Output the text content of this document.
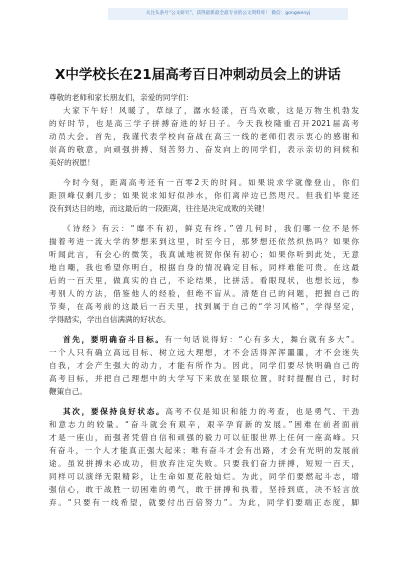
关注头条号“公文研究”，获得最新最全最专业的公文资料库！ 微信：gongwenyj
X中学校长在21届高考百日冲刺动员会上的讲话
尊敬的老师和家长朋友们，亲爱的同学们：
大家下午好！风暖了，草绿了，潺水轻漾，百鸟欢歌，这是万物生机勃发
的好时节，也是高三学子拼搏奋进的好日子。今天我校隆重召开2021届高考
动员大会。首先，我谨代表学校向奋战在高三一线的老师们表示衷心的感谢和
崇高的敬意，向顽强拼搏、刻苦努力、奋发向上的同学们，表示亲切的问候和
美好的祝愿！
今时今刻，距离高考还有一百零2天的时间。如果说求学就像登山，你们
距顶峰仅剩几步；如果说求知好似渉水，你们离岸边已然咫尺。但我们毕竟还
没有到达目的地，而这最后的一段距离，往往是决定成败的关键！
《诗经》有云：“靡不有初，鲜克有终。”曾几何时，我们哪一位不是怀
揣着考进一流大学的梦想来到这里，时至今日，那梦想还依然炽热吗？如果你
听闻此言，有会心的微笑，我真诚地祝贺你保有初心；如果你听到此处，无意
地自嘲，我也希望你明白，根据自身的情况确定目标，同样难能可贵。在这最
后的一百天里，做真实的自己，不论结果，比拼活。看眼现状，也想长远，参
考别人的方法，借鉴他人的经验，但绝不盲从。清楚自己的问题，把握自己的
节奏，在高考前的这最后一百天里，找到属于自己的“学习风格”，学得坚定，
学得踏实，学出自信满满的好状态。
首先，要明确奋斗目标。有一句话说得好：“心有多大，舞台就有多大”。
一个人只有确立高远目标、树立远大理想，才不会活得浑浑噩噩，才不会迷失
自我，才会产生强大的动力，才能有所作为。因此，同学们要尽快明确自己的
高考目标，并把自己理想中的大学写下来放在显眼位置，时时提醒自己，时时
鞭策自己。
其次，要保持良好状态。高考不仅是知识和能力的考查，也是勇气、干劲
和意志力的较量。“奋斗就会有艰辛，艰辛孕育新的发展。”困难在前者面前
才是一座山，而强者凭借自信和顽强的毅力可以征服世界上任何一座高峰。只
有奋斗，一个人才能真正强大起来；唯有奋斗才会有出路，才会有光明的发展前
途。虽说拼搏未必成功，但放弃注定失败。只要我们奋力拼搏，短短一百天，
同样可以演绎无限精彩，让生命如夏花般灿烂。为此，同学们要燃起斗志，增
强信心，敢于战胜一切困难的勇气，敢于拼搏和执着，坚持到底，决不轻言放
弃。“只要有一线希望，就要付出百倍努力”。为此，同学们要端正态度，脚
